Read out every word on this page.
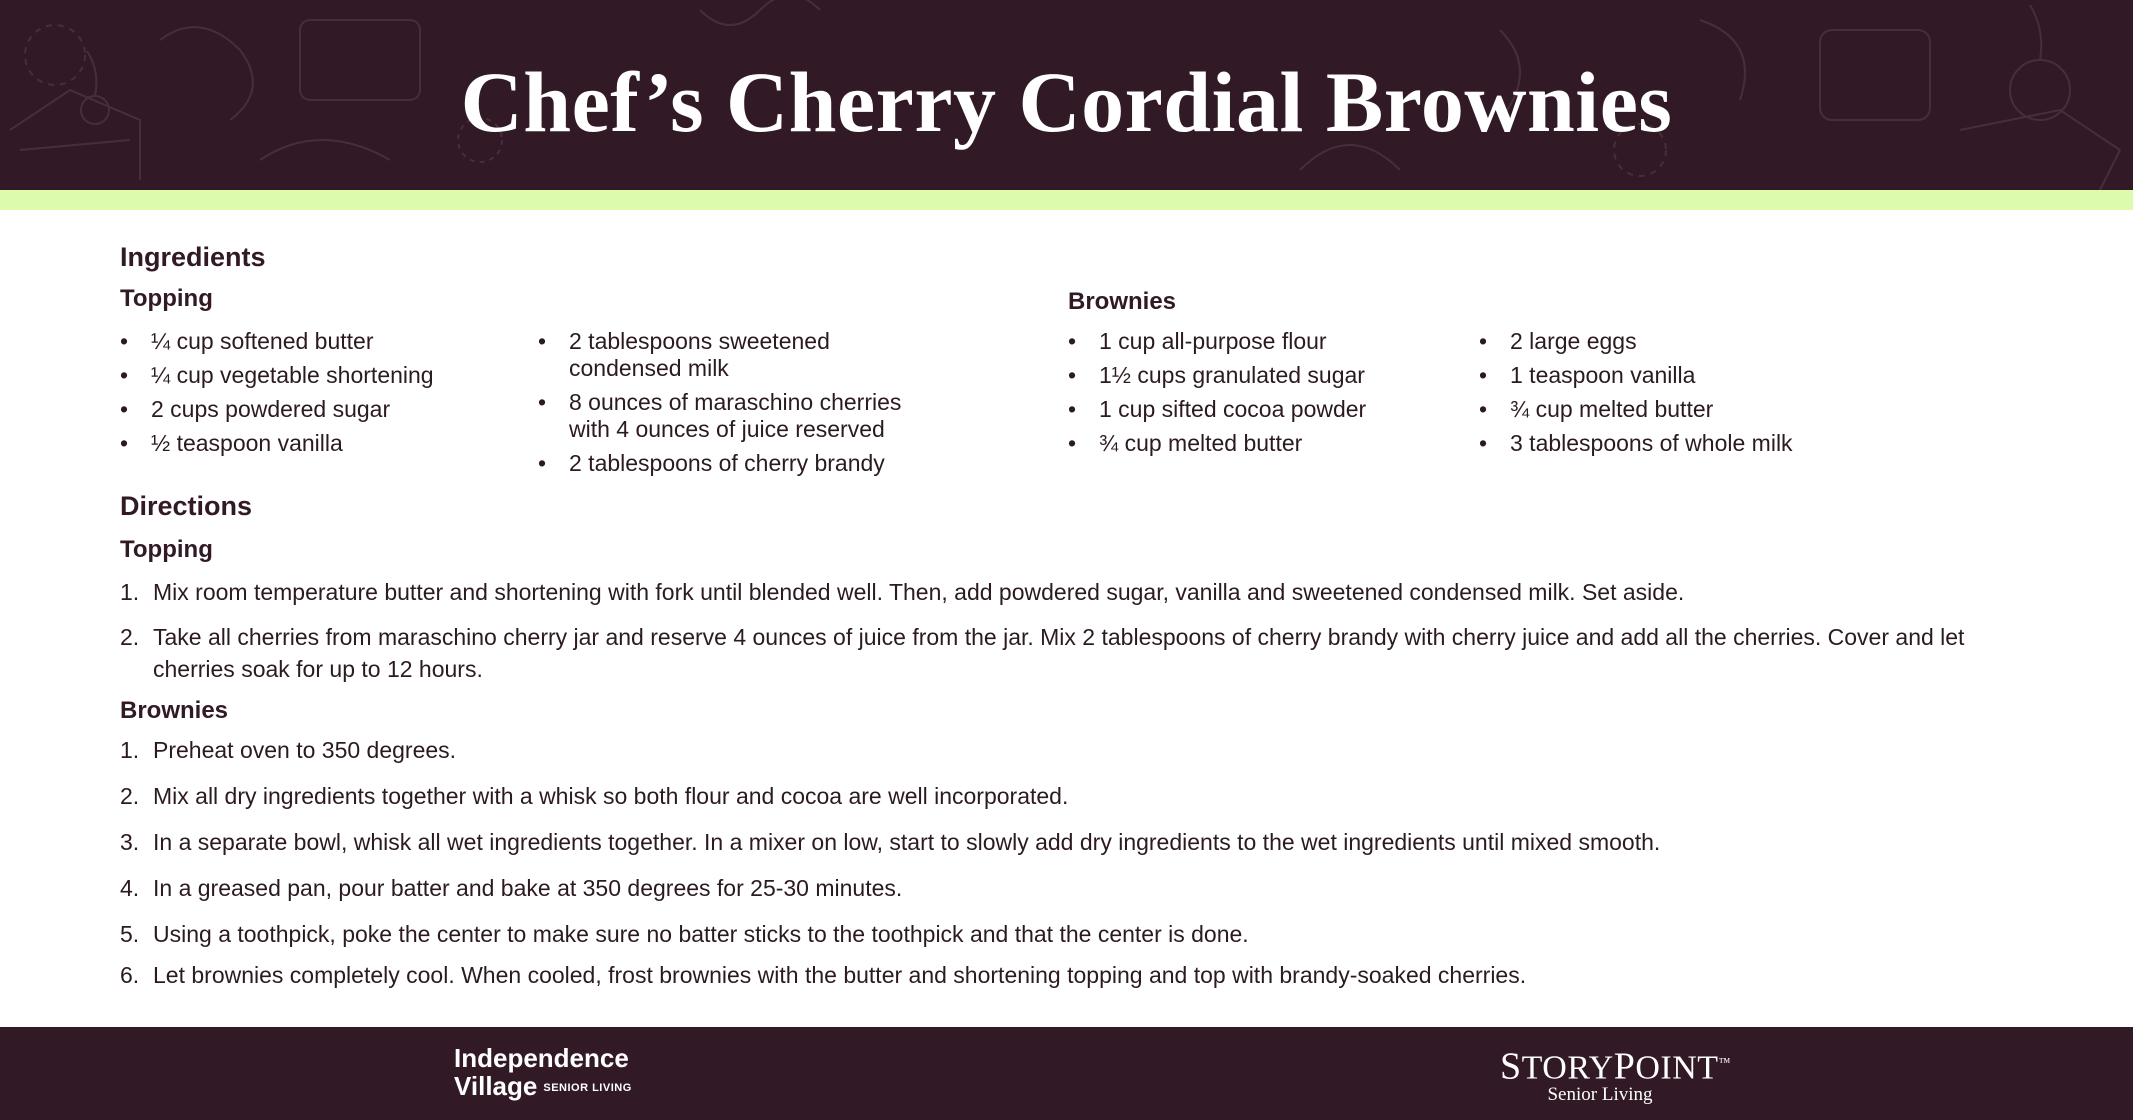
Chef’s Cherry Cordial Brownies
Ingredients
Topping	Brownies
• ¼ cup softened butter
• ¼ cup vegetable shortening
• 2 cups powdered sugar
• ½ teaspoon vanilla
• 2 tablespoons sweetened condensed milk
• 8 ounces of maraschino cherries with 4 ounces of juice reserved
• 2 tablespoons of cherry brandy
• 1 cup all-purpose flour
• 1½ cups granulated sugar
• 1 cup sifted cocoa powder
• ¾ cup melted butter
• 2 large eggs
• 1 teaspoon vanilla
• ¾ cup melted butter
• 3 tablespoons of whole milk
Directions
Topping
1. Mix room temperature butter and shortening with fork until blended well. Then, add powdered sugar, vanilla and sweetened condensed milk. Set aside.
2. Take all cherries from maraschino cherry jar and reserve 4 ounces of juice from the jar. Mix 2 tablespoons of cherry brandy with cherry juice and add all the cherries. Cover and let cherries soak for up to 12 hours.
Brownies
1. Preheat oven to 350 degrees.
2. Mix all dry ingredients together with a whisk so both flour and cocoa are well incorporated.
3. In a separate bowl, whisk all wet ingredients together. In a mixer on low, start to slowly add dry ingredients to the wet ingredients until mixed smooth.
4. In a greased pan, pour batter and bake at 350 degrees for 25-30 minutes.
5. Using a toothpick, poke the center to make sure no batter sticks to the toothpick and that the center is done.
6. Let brownies completely cool. When cooled, frost brownies with the butter and shortening topping and top with brandy-soaked cherries.
Independence
Village SENIOR LIVING
STORYPOINT™
Senior Living
